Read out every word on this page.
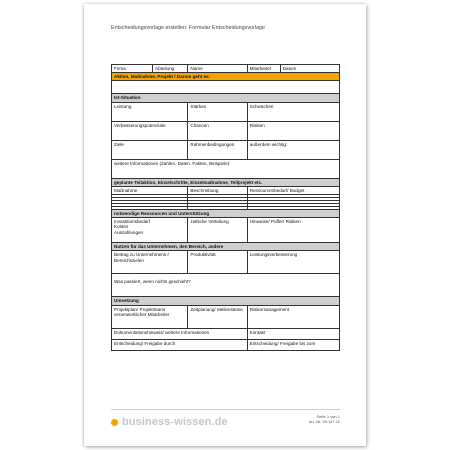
Entscheidungsvorlage erstellen: Formular Entscheidungsvorlage
Firma	Abteilung	Name	Mitarbeiter	Datum
Aktion, Maßnahme, Projekt / Darum geht es:				

Ist-Situation				
Leistung		Stärken	Schwächen	
Verbesserungspotenziale		Chancen	Risiken	
Ziele		Rahmenbedingungen	außerdem wichtig:	
weitere Informationen (Zahlen, Daten, Fakten, Beispiele):				
geplante Teilaktion, Einzelschritte, Einzelmaßnahme, Teilprojekt etc.				
Maßnahme		Beschreibung	Ressourcenbedarf/ Budget	

notwendige Ressourcen und Unterstützung				
Investitionsbedarf
Kosten
Auszahlungen		zeitliche Verteilung	Hinweise/ Puffer/ Risiken	
Nutzen für das Unternehmen, den Bereich, andere				
Beitrag zu Unternehmens-/
Bereichszielen		Produktivität	Leistungsverbesserung	
Was passiert, wenn nichts geschieht?				
Umsetzung				
Projektplan/ Projektteam/
verantwortlicher Mitarbeiter		Zeitplanung/ Meilensteine	Risikomanagement	
Dokumentationshinweis/ weitere Informationen			Kontakt	
Entscheidung/ Freigabe durch			Entscheidung/ Freigabe bis zum	
business-wissen.de	Seite 1 von 1
Art.-Nr. 99.147.11
